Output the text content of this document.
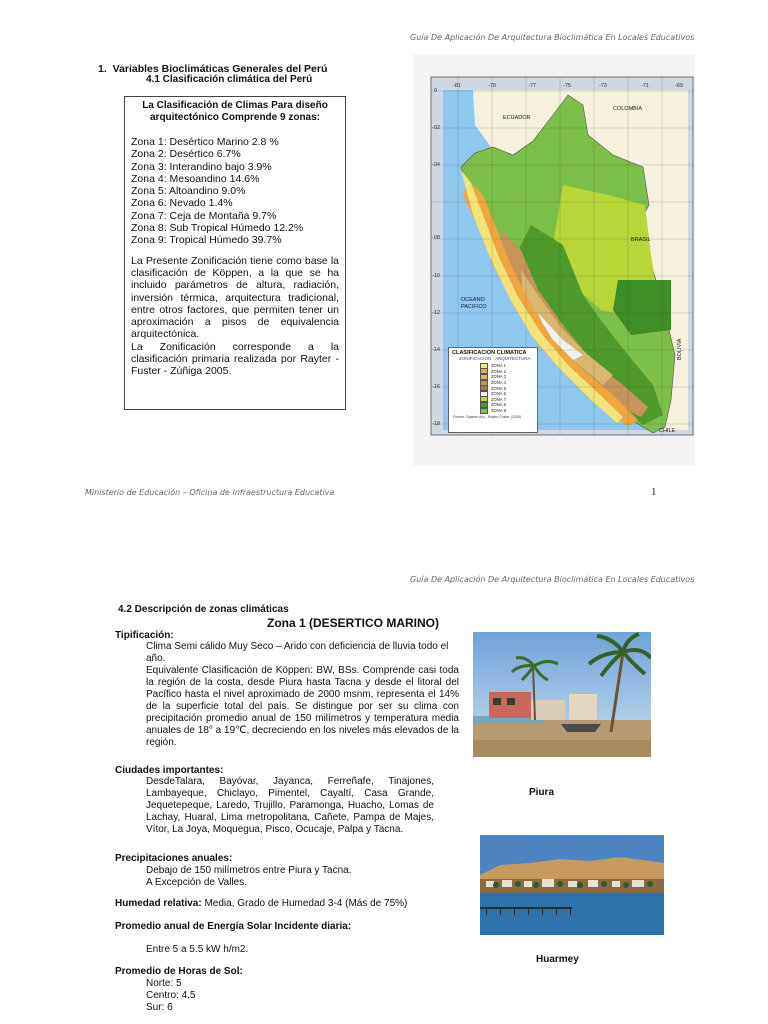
Guía De Aplicación De Arquitectura Bioclimática En Locales Educativos
1. Variables Bioclimáticas Generales del Perú
4.1 Clasificación climática del Perú
La Clasificación de Climas Para diseño
arquitectónico Comprende 9 zonas:
Zona 1: Desértico Marino 2.8 %
Zona 2: Desértico 6.7%
Zona 3: Interandino bajo 3.9%
Zona 4: Mesoandino 14.6%
Zona 5: Altoandino 9.0%
Zona 6: Nevado 1.4%
Zona 7: Ceja de Montaña 9.7%
Zona 8: Sub Tropical Húmedo 12.2%
Zona 9: Tropical Húmedo 39.7%
La Presente Zonificación tiene como base la clasificación de Köppen, a la que se ha incluido parámetros de altura, radiación, inversión térmica, arquitectura tradicional, entre otros factores, que permiten tener un aproximación a pisos de equivalencia arquitectónica.
La Zonificación corresponde a la clasificación primaria realizada por Rayter - Fuster - Zúñiga 2005.
-81	-79	-77	-75	-73	-71	-69
0
-02
-04
-08
-10
-12
-14
-16
-18
ECUADOR
COLOMBIA
BRASIL
OCEANO
PACIFICO
BOLIVIA
CHILE
CLASIFICACION CLIMATICA
ZONIFICACION - ARQUITECTURA
ZONA 1
ZONA 2
ZONA 3
ZONA 4
ZONA 5
ZONA 6
ZONA 7
ZONA 8
ZONA 9
Fuente: System Arq - Rayter-Fuster (2005)
Ministerio de Educación – Oficina de Infraestructura Educativa	1
Guía De Aplicación De Arquitectura Bioclimática En Locales Educativos
4.2 Descripción de zonas climáticas
Zona 1 (DESERTICO MARINO)
Tipificación:
Clima Semi cálido Muy Seco – Arido con deficiencia de lluvia todo el año.
Equivalente Clasificación de Köppen: BW, BSs. Comprende casi toda la región de la costa, desde Piura hasta Tacna y desde el litoral del Pacífico hasta el nivel aproximado de 2000 msnm, representa el 14% de la superficie total del país. Se distingue por ser su clima con precipitación promedio anual de 150 milímetros y temperatura media anuales de 18° a 19℃, decreciendo en los niveles más elevados de la región.
Ciudades importantes:
DesdeTalara, Bayóvar, Jayanca, Ferreñafe, Tinajones, Lambayeque, Chiclayo, Pimentel, Cayaltí, Casa Grande, Jequetepeque, Laredo, Trujillo, Paramonga, Huacho, Lomas de Lachay, Huaral, Lima metropolitana, Cañete, Pampa de Majes, Vítor, La Joya, Moquegua, Pisco, Ocucaje, Palpa y Tacna.
Precipitaciones anuales:
Debajo de 150 milímetros entre Piura y Tacna.
A Excepción de Valles.
Humedad relativa: Media, Grado de Humedad 3-4 (Más de 75%)
Promedio anual de Energía Solar Incidente diaria:
Entre 5 a 5.5 kW h/m2.
Promedio de Horas de Sol:
Norte: 5
Centro: 4.5
Sur: 6
Piura
Huarmey
